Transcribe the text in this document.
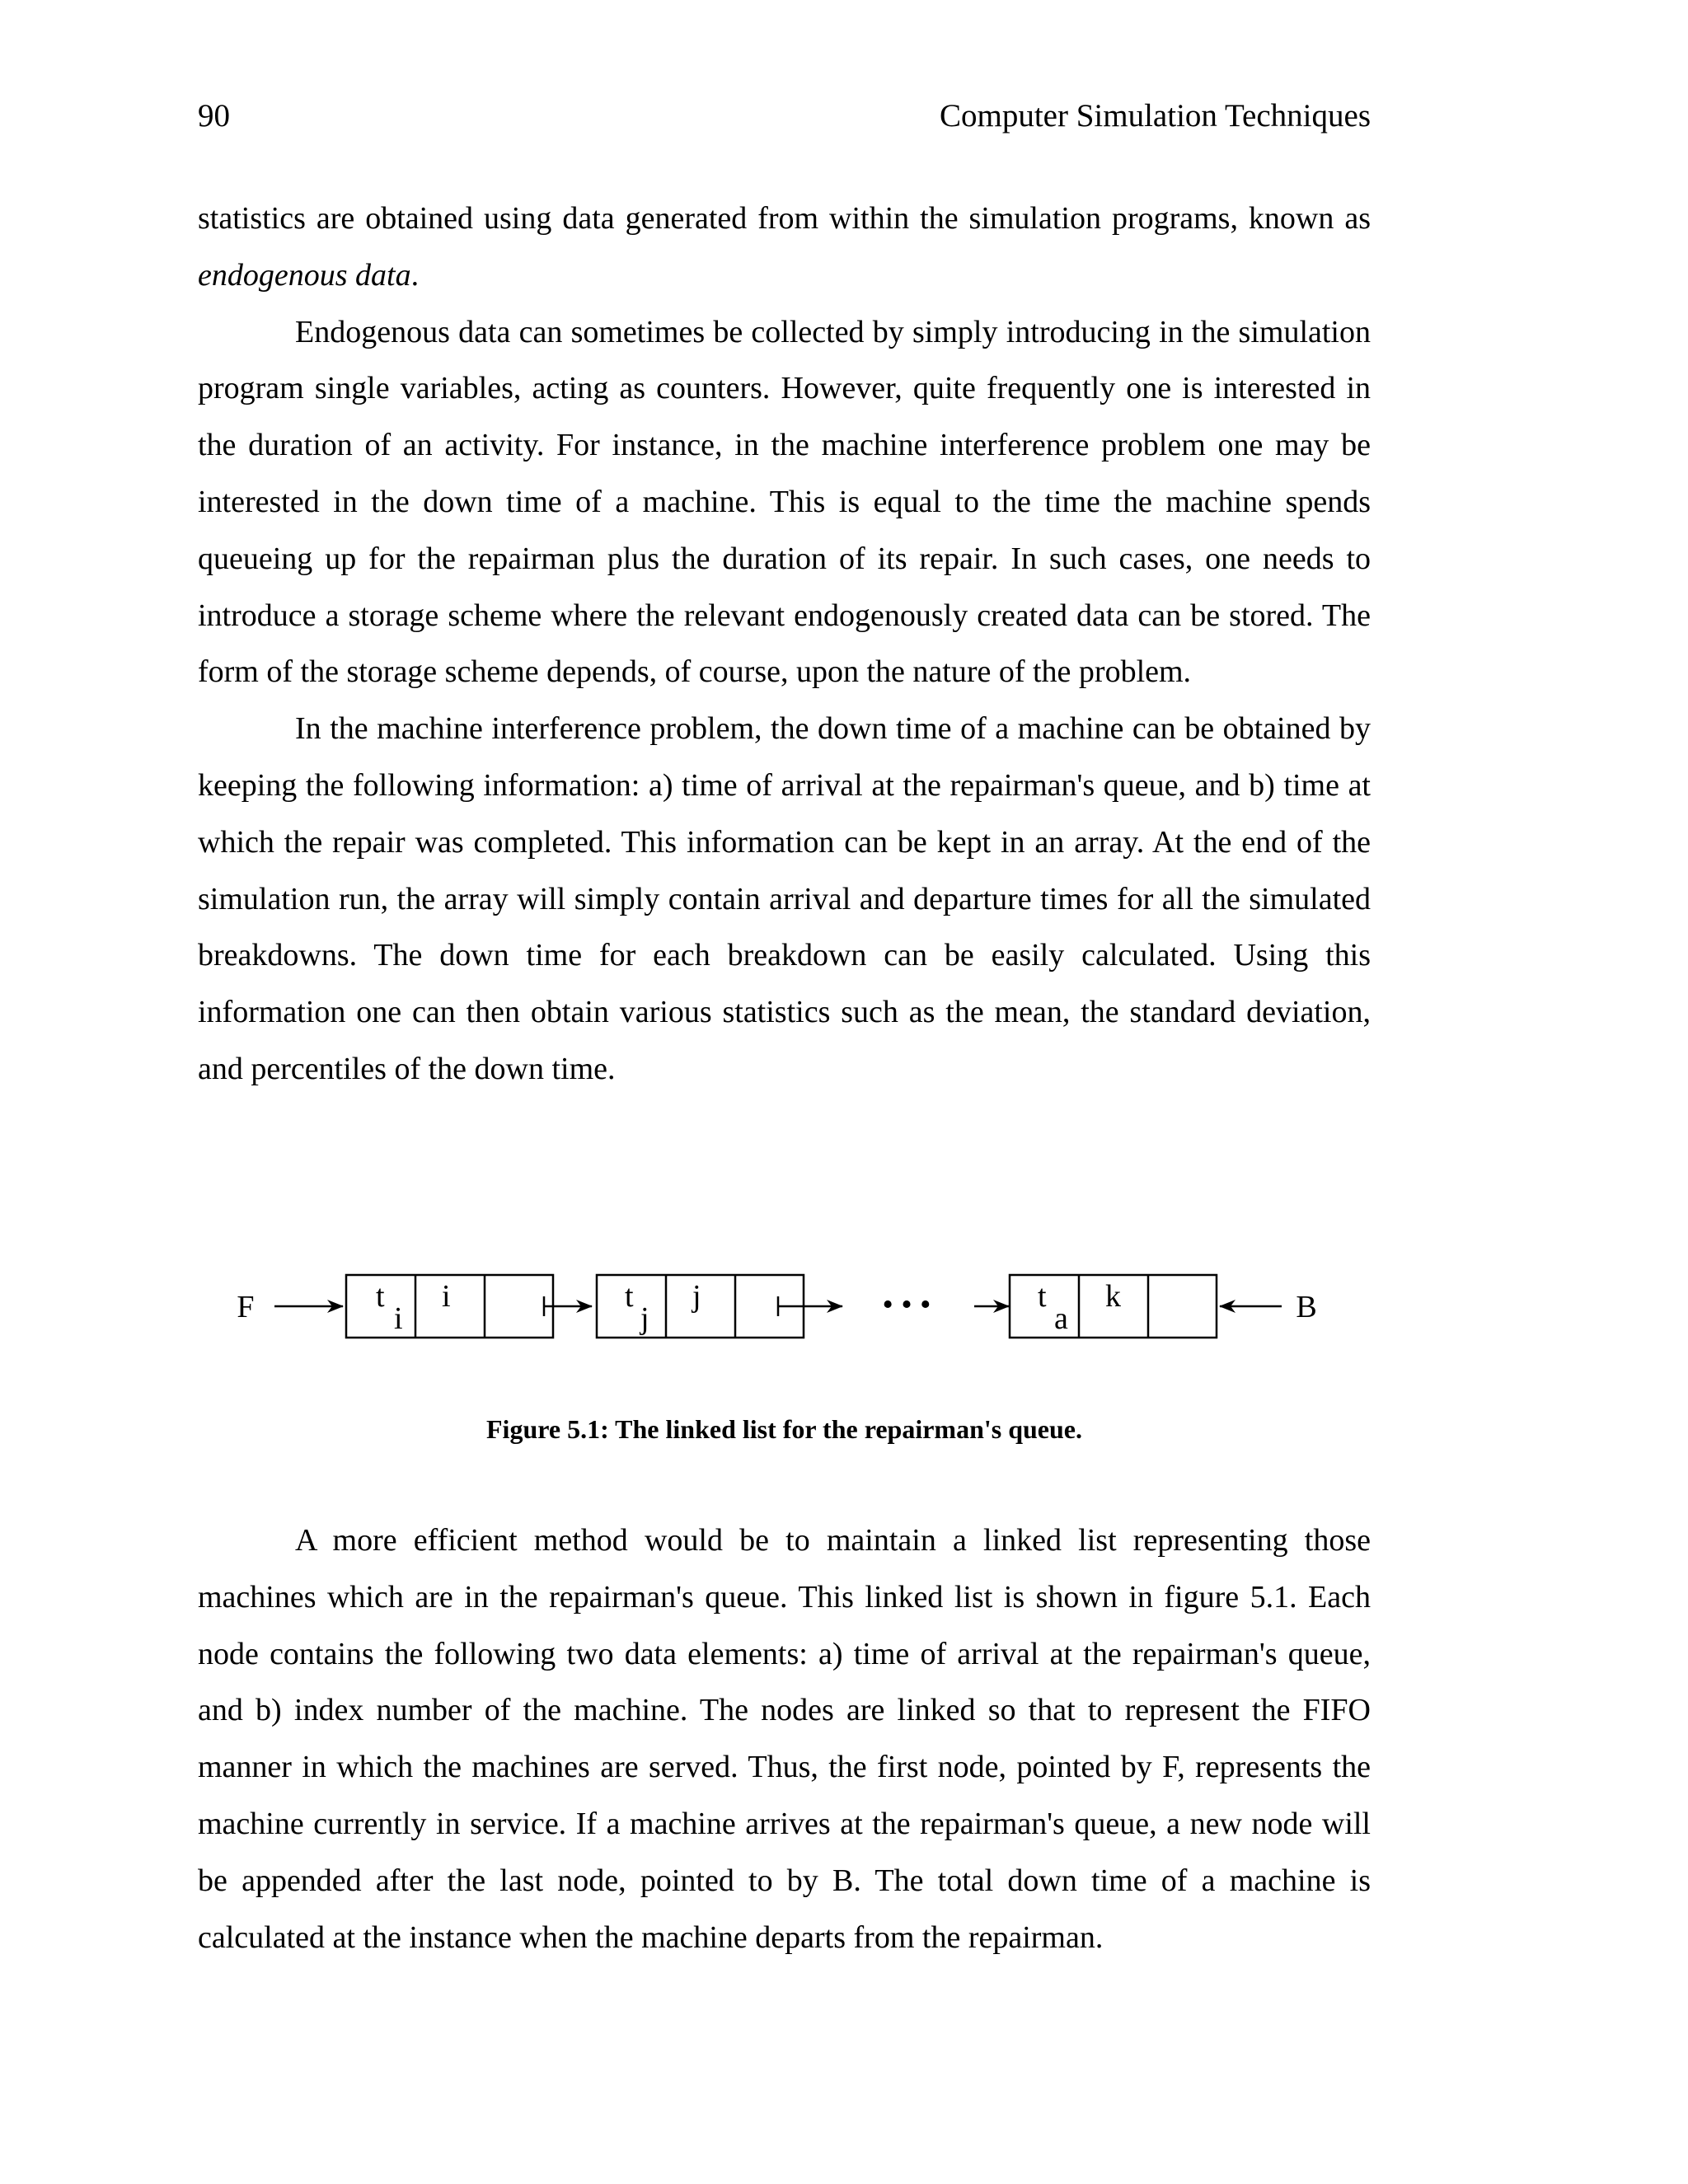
90	Computer Simulation Techniques

statistics are obtained using data generated from within the simulation programs, known as endogenous data.

Endogenous data can sometimes be collected by simply introducing in the simulation program single variables, acting as counters. However, quite frequently one is interested in the duration of an activity. For instance, in the machine interference problem one may be interested in the down time of a machine. This is equal to the time the machine spends queueing up for the repairman plus the duration of its repair. In such cases, one needs to introduce a storage scheme where the relevant endogenously created data can be stored. The form of the storage scheme depends, of course, upon the nature of the problem.

In the machine interference problem, the down time of a machine can be obtained by keeping the following information: a) time of arrival at the repairman's queue, and b) time at which the repair was completed. This information can be kept in an array. At the end of the simulation run, the array will simply contain arrival and departure times for all the simulated breakdowns. The down time for each breakdown can be easily calculated. Using this information one can then obtain various statistics such as the mean, the standard deviation, and percentiles of the down time.

F	t
i
i	t
j
j	• • •	t
a
k	B
Figure 5.1: The linked list for the repairman's queue.

A more efficient method would be to maintain a linked list representing those machines which are in the repairman's queue. This linked list is shown in figure 5.1. Each node contains the following two data elements: a) time of arrival at the repairman's queue, and b) index number of the machine. The nodes are linked so that to represent the FIFO manner in which the machines are served. Thus, the first node, pointed by F, represents the machine currently in service. If a machine arrives at the repairman's queue, a new node will be appended after the last node, pointed to by B. The total down time of a machine is calculated at the instance when the machine departs from the repairman.
